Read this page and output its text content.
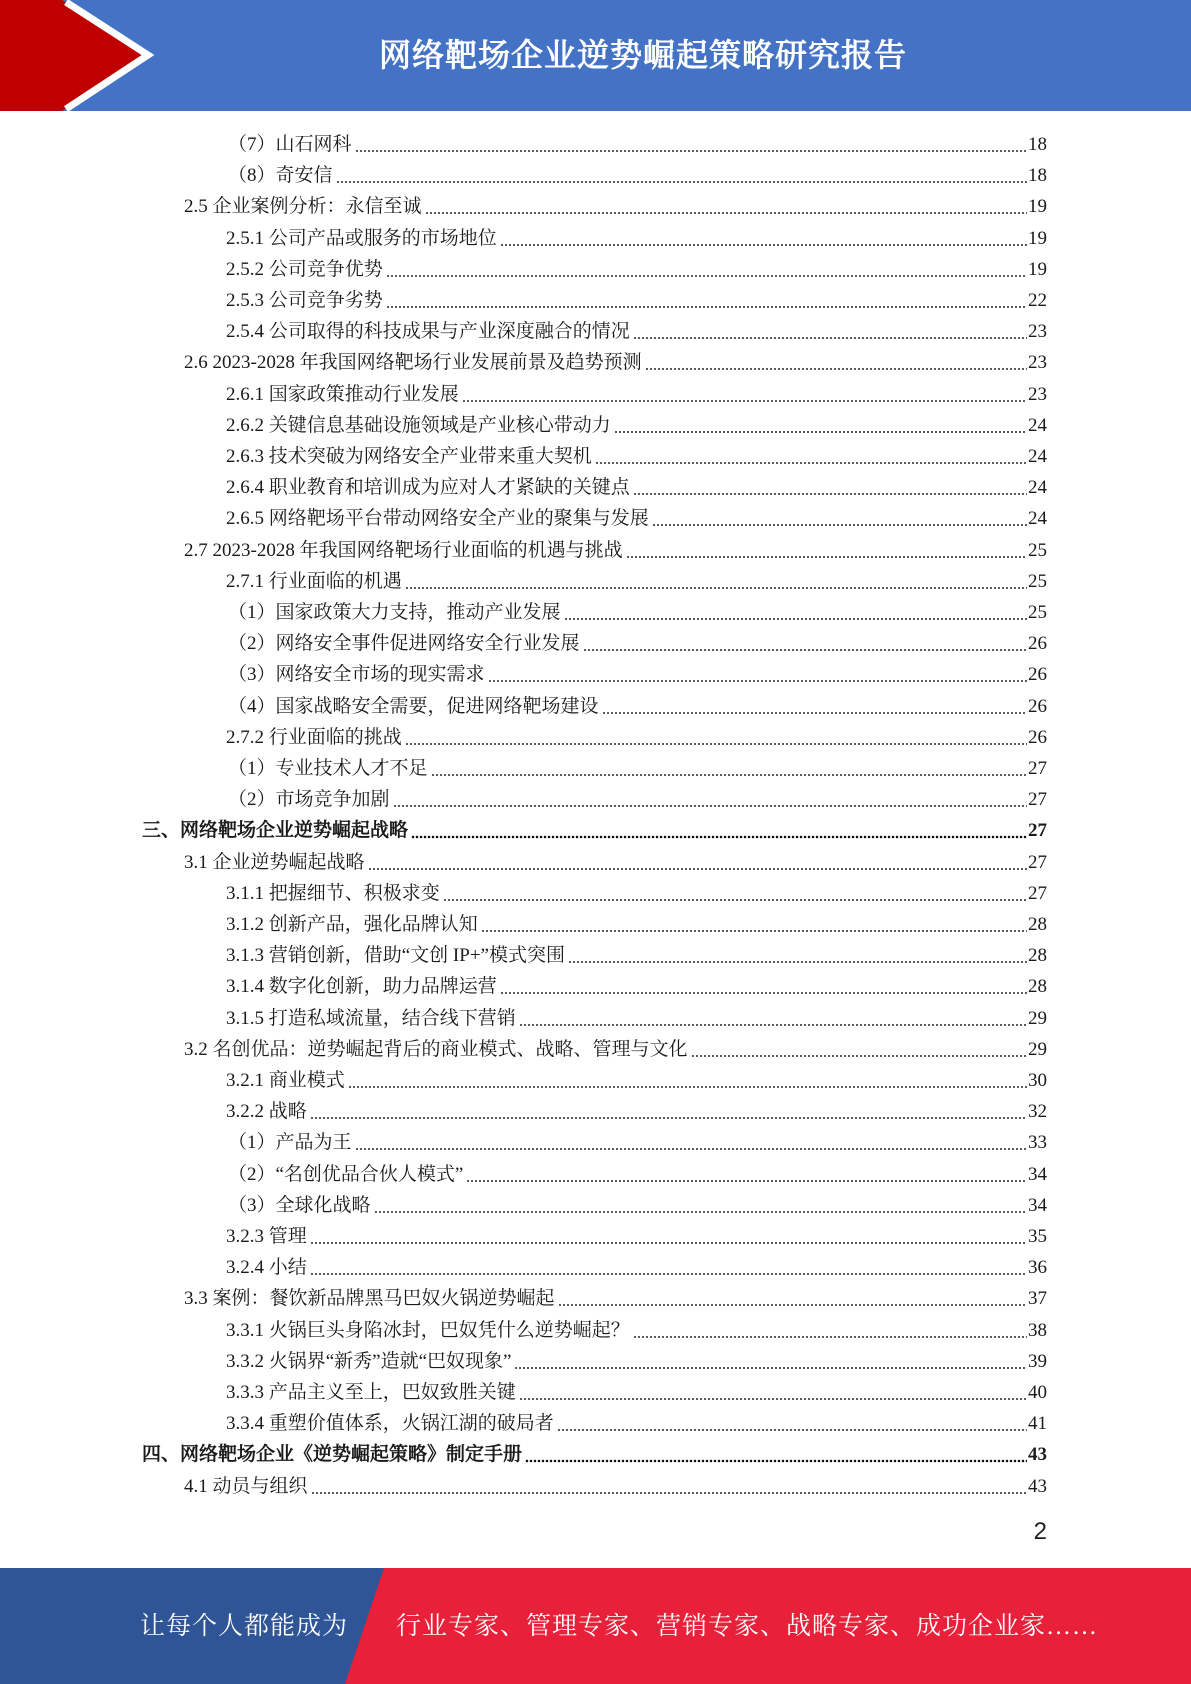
网络靶场企业逆势崛起策略研究报告
（7）山石网科	18
（8）奇安信	18
2.5 企业案例分析：永信至诚	19
2.5.1 公司产品或服务的市场地位	19
2.5.2 公司竞争优势	19
2.5.3 公司竞争劣势	22
2.5.4 公司取得的科技成果与产业深度融合的情况	23
2.6 2023-2028 年我国网络靶场行业发展前景及趋势预测	23
2.6.1 国家政策推动行业发展	23
2.6.2 关键信息基础设施领域是产业核心带动力	24
2.6.3 技术突破为网络安全产业带来重大契机	24
2.6.4 职业教育和培训成为应对人才紧缺的关键点	24
2.6.5 网络靶场平台带动网络安全产业的聚集与发展	24
2.7 2023-2028 年我国网络靶场行业面临的机遇与挑战	25
2.7.1 行业面临的机遇	25
（1）国家政策大力支持，推动产业发展	25
（2）网络安全事件促进网络安全行业发展	26
（3）网络安全市场的现实需求	26
（4）国家战略安全需要，促进网络靶场建设	26
2.7.2 行业面临的挑战	26
（1）专业技术人才不足	27
（2）市场竞争加剧	27
三、网络靶场企业逆势崛起战略	27
3.1 企业逆势崛起战略	27
3.1.1 把握细节、积极求变	27
3.1.2 创新产品，强化品牌认知	28
3.1.3 营销创新，借助“文创 IP+”模式突围	28
3.1.4 数字化创新，助力品牌运营	28
3.1.5 打造私域流量，结合线下营销	29
3.2 名创优品：逆势崛起背后的商业模式、战略、管理与文化	29
3.2.1 商业模式	30
3.2.2 战略	32
（1）产品为王	33
（2）“名创优品合伙人模式”	34
（3）全球化战略	34
3.2.3 管理	35
3.2.4 小结	36
3.3 案例：餐饮新品牌黑马巴奴火锅逆势崛起	37
3.3.1 火锅巨头身陷冰封，巴奴凭什么逆势崛起？	38
3.3.2 火锅界“新秀”造就“巴奴现象”	39
3.3.3 产品主义至上，巴奴致胜关键	40
3.3.4 重塑价值体系，火锅江湖的破局者	41
四、网络靶场企业《逆势崛起策略》制定手册	43
4.1 动员与组织	43
2
让每个人都能成为 行业专家、管理专家、营销专家、战略专家、成功企业家……
